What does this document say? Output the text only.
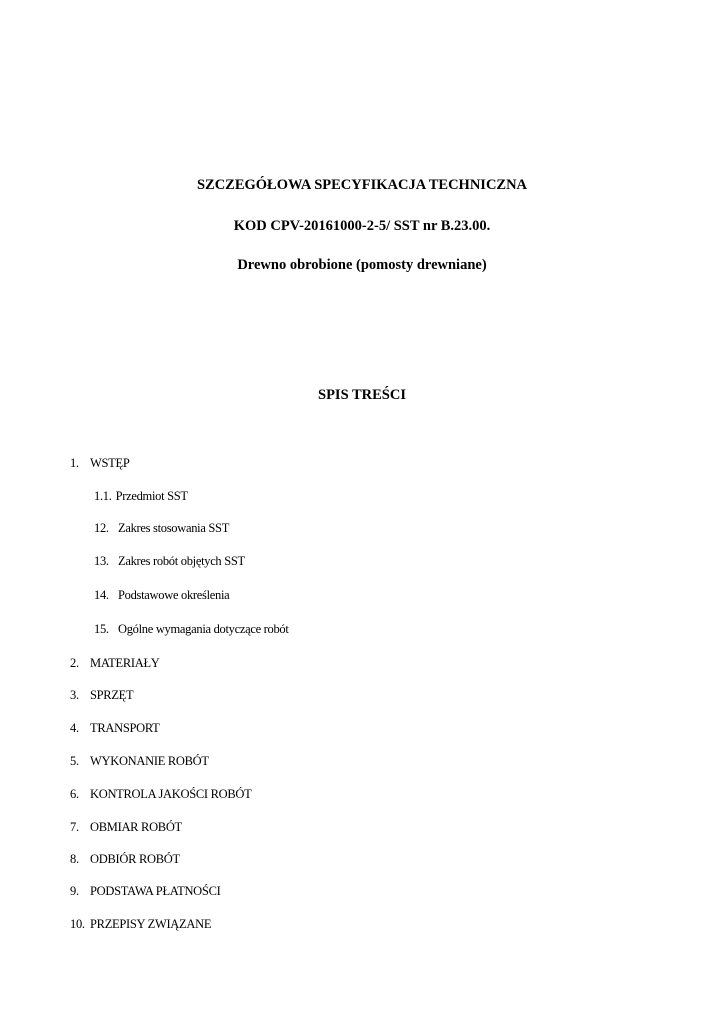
SZCZEGÓŁOWA SPECYFIKACJA TECHNICZNA
KOD CPV-20161000-2-5/ SST nr B.23.00.
Drewno obrobione (pomosty drewniane)
SPIS TREŚCI
1. WSTĘP
1.1. Przedmiot SST
12. Zakres stosowania SST
13. Zakres robót objętych SST
14. Podstawowe określenia
15. Ogólne wymagania dotyczące robót
2. MATERIAŁY
3. SPRZĘT
4. TRANSPORT
5. WYKONANIE ROBÓT
6. KONTROLA JAKOŚCI ROBÓT
7. OBMIAR ROBÓT
8. ODBIÓR ROBÓT
9. PODSTAWA PŁATNOŚCI
10. PRZEPISY ZWIĄZANE
